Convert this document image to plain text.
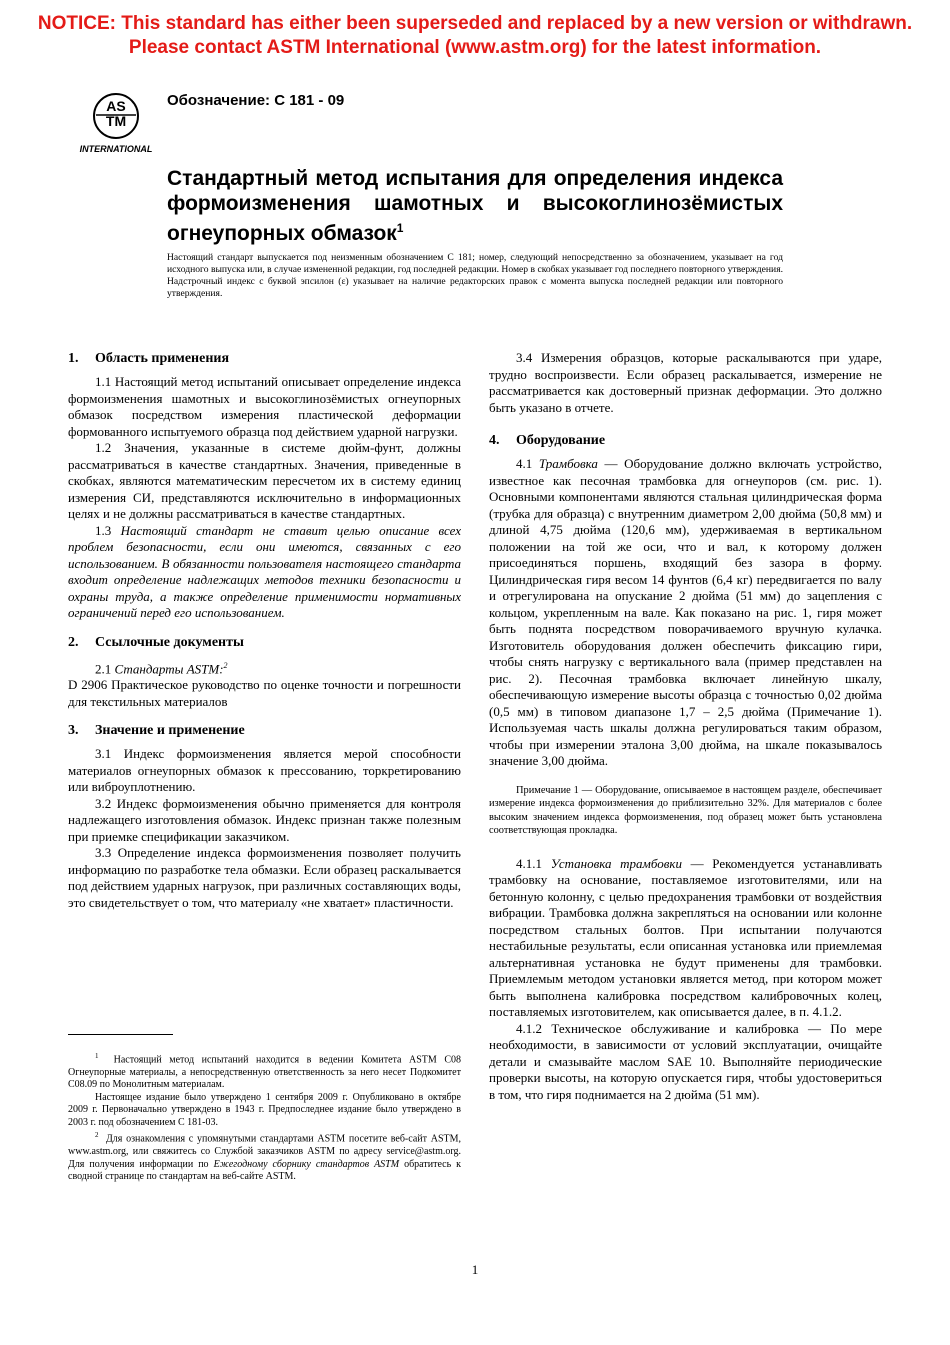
NOTICE: This standard has either been superseded and replaced by a new version or withdrawn.
Please contact ASTM International (www.astm.org) for the latest information.
AS
TM
INTERNATIONAL
Обозначение: C 181 - 09
Стандартный метод испытания для определения индекса формоизменения шамотных и высокоглинозёмистых огнеупорных обмазок$^1$
Настоящий стандарт выпускается под неизменным обозначением C 181; номер, следующий непосредственно за обозначением, указывает на год исходного выпуска или, в случае измененной редакции, год последней редакции. Номер в скобках указывает год последнего повторного утверждения. Надстрочный индекс с буквой эпсилон (ε) указывает на наличие редакторских правок с момента выпуска последней редакции или повторного утверждения.
1. Область применения

1.1 Настоящий метод испытаний описывает определение индекса формоизменения шамотных и высокоглинозёмистых огнеупорных обмазок посредством измерения пластической деформации формованного испытуемого образца под действием ударной нагрузки.

1.2 Значения, указанные в системе дюйм-фунт, должны рассматриваться в качестве стандартных. Значения, приведенные в скобках, являются математическим пересчетом их в систему единиц измерения СИ, представляются исключительно в информационных целях и не должны рассматриваться в качестве стандартных.

1.3 Настоящий стандарт не ставит целью описание всех проблем безопасности, если они имеются, связанных с его использованием. В обязанности пользователя настоящего стандарта входит определение надлежащих методов техники безопасности и охраны труда, а также определение применимости нормативных ограничений перед его использованием.

2. Ссылочные документы

2.1 Стандарты ASTM:$^2$

D 2906 Практическое руководство по оценке точности и погрешности для текстильных материалов

3. Значение и применение

3.1 Индекс формоизменения является мерой способности материалов огнеупорных обмазок к прессованию, торкретированию или виброуплотнению.

3.2 Индекс формоизменения обычно применяется для контроля надлежащего изготовления обмазок. Индекс признан также полезным при приемке спецификации заказчиком.

3.3 Определение индекса формоизменения позволяет получить информацию по разработке тела обмазки. Если образец раскалывается под действием ударных нагрузок, при различных составляющих воды, это свидетельствует о том, что материалу «не хватает» пластичности.

$^1$ Настоящий метод испытаний находится в ведении Комитета ASTM C08 Огнеупорные материалы, а непосредственную ответственность за него несет Подкомитет C08.09 по Монолитным материалам.

Настоящее издание было утверждено 1 сентября 2009 г. Опубликовано в октябре 2009 г. Первоначально утверждено в 1943 г. Предпоследнее издание было утверждено в 2003 г. под обозначением C 181-03.

$^2$ Для ознакомления с упомянутыми стандартами ASTM посетите веб-сайт ASTM, www.astm.org, или свяжитесь со Службой заказчиков ASTM по адресу service@astm.org. Для получения информации по Ежегодному сборнику стандартов ASTM обратитесь к сводной странице по стандартам на веб-сайте ASTM.

3.4 Измерения образцов, которые раскалываются при ударе, трудно воспроизвести. Если образец раскалывается, измерение не рассматривается как достоверный признак деформации. Это должно быть указано в отчете.

4. Оборудование

4.1 Трамбовка — Оборудование должно включать устройство, известное как песочная трамбовка для огнеупоров (см. рис. 1). Основными компонентами являются стальная цилиндрическая форма (трубка для образца) с внутренним диаметром 2,00 дюйма (50,8 мм) и длиной 4,75 дюйма (120,6 мм), удерживаемая в вертикальном положении на той же оси, что и вал, к которому должен присоединяться поршень, входящий без зазора в форму. Цилиндрическая гиря весом 14 фунтов (6,4 кг) передвигается по валу и отрегулирована на опускание 2 дюйма (51 мм) до зацепления с кольцом, укрепленным на вале. Как показано на рис. 1, гиря может быть поднята посредством поворачиваемого вручную кулачка. Изготовитель оборудования должен обеспечить фиксацию гири, чтобы снять нагрузку с вертикального вала (пример представлен на рис. 2). Песочная трамбовка включает линейную шкалу, обеспечивающую измерение высоты образца с точностью 0,02 дюйма (0,5 мм) в типовом диапазоне 1,7 – 2,5 дюйма (Примечание 1). Используемая часть шкалы должна регулироваться таким образом, чтобы при измерении эталона 3,00 дюйма, на шкале показывалось значение 3,00 дюйма.

Примечание 1 — Оборудование, описываемое в настоящем разделе, обеспечивает измерение индекса формоизменения до приблизительно 32%. Для материалов с более высоким значением индекса формоизменения, под образец может быть установлена соответствующая прокладка.

4.1.1 Установка трамбовки — Рекомендуется устанавливать трамбовку на основание, поставляемое изготовителями, или на бетонную колонну, с целью предохранения трамбовки от воздействия вибрации. Трамбовка должна закрепляться на основании или колонне посредством стальных болтов. При испытании получаются нестабильные результаты, если описанная установка или приемлемая альтернативная установка не будут применены для трамбовки. Приемлемым методом установки является метод, при котором может быть выполнена калибровка посредством калибровочных колец, поставляемых изготовителем, как описывается далее, в п. 4.1.2.

4.1.2 Техническое обслуживание и калибровка — По мере необходимости, в зависимости от условий эксплуатации, очищайте детали и смазывайте маслом SAE 10. Выполняйте периодические проверки высоты, на которую опускается гиря, чтобы удостовериться в том, что гиря поднимается на 2 дюйма (51 мм).

1
